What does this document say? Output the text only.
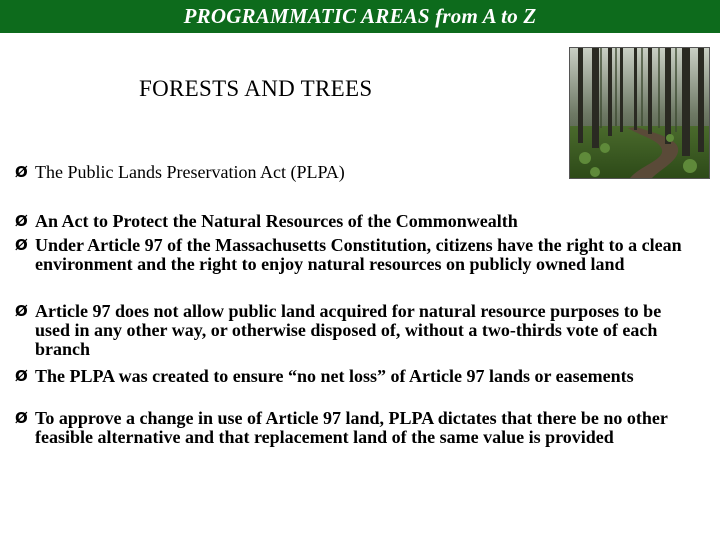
PROGRAMMATIC AREAS from A to Z
FORESTS AND TREES
Ø The Public Lands Preservation Act (PLPA)
Ø An Act to Protect the Natural Resources of the Commonwealth
Ø Under Article 97 of the Massachusetts Constitution, citizens have the right to a clean environment and the right to enjoy natural resources on publicly owned land
Ø Article 97 does not allow public land acquired for natural resource purposes to be used in any other way, or otherwise disposed of, without a two-thirds vote of each branch
Ø The PLPA was created to ensure “no net loss” of Article 97 lands or easements
Ø To approve a change in use of Article 97 land, PLPA dictates that there be no other feasible alternative and that replacement land of the same value is provided
